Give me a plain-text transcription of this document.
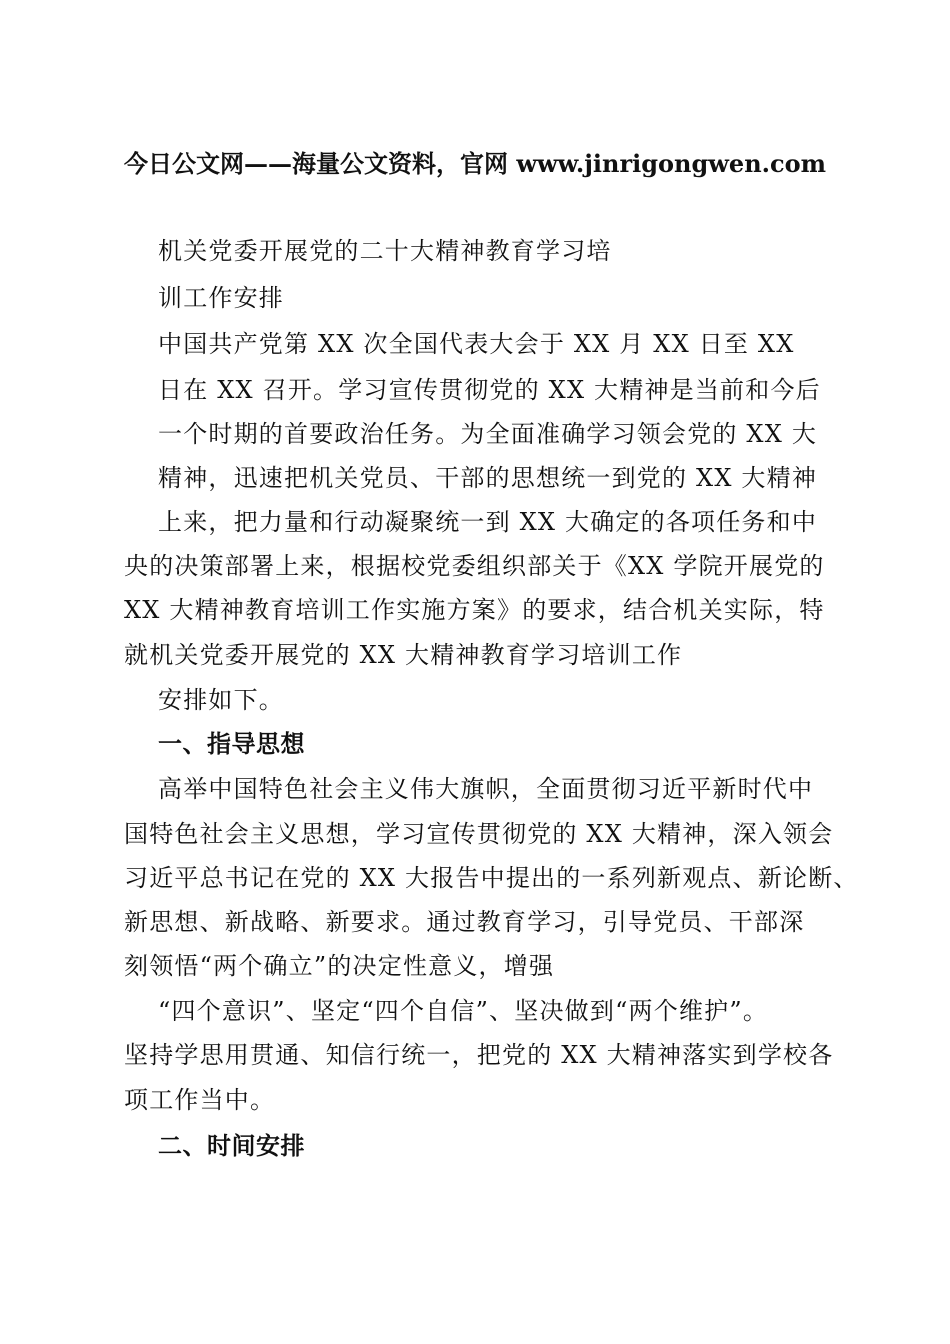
今日公文网——海量公文资料，官网 www.jinrigongwen.com
机关党委开展党的二十大精神教育学习培
训工作安排
中国共产党第 XX 次全国代表大会于 XX 月 XX 日至 XX
日在 XX 召开。学习宣传贯彻党的 XX 大精神是当前和今后
一个时期的首要政治任务。为全面准确学习领会党的 XX 大
精神，迅速把机关党员、干部的思想统一到党的 XX 大精神
上来，把力量和行动凝聚统一到 XX 大确定的各项任务和中
央的决策部署上来，根据校党委组织部关于《XX 学院开展党的
XX 大精神教育培训工作实施方案》的要求，结合机关实际，特
就机关党委开展党的 XX 大精神教育学习培训工作
安排如下。
一、指导思想
高举中国特色社会主义伟大旗帜，全面贯彻习近平新时代中
国特色社会主义思想，学习宣传贯彻党的 XX 大精神，深入领会
习近平总书记在党的 XX 大报告中提出的一系列新观点、新论断、
新思想、新战略、新要求。通过教育学习，引导党员、干部深
刻领悟“两个确立”的决定性意义，增强
“四个意识”、坚定“四个自信”、坚决做到“两个维护”。
坚持学思用贯通、知信行统一，把党的 XX 大精神落实到学校各
项工作当中。
二、时间安排
